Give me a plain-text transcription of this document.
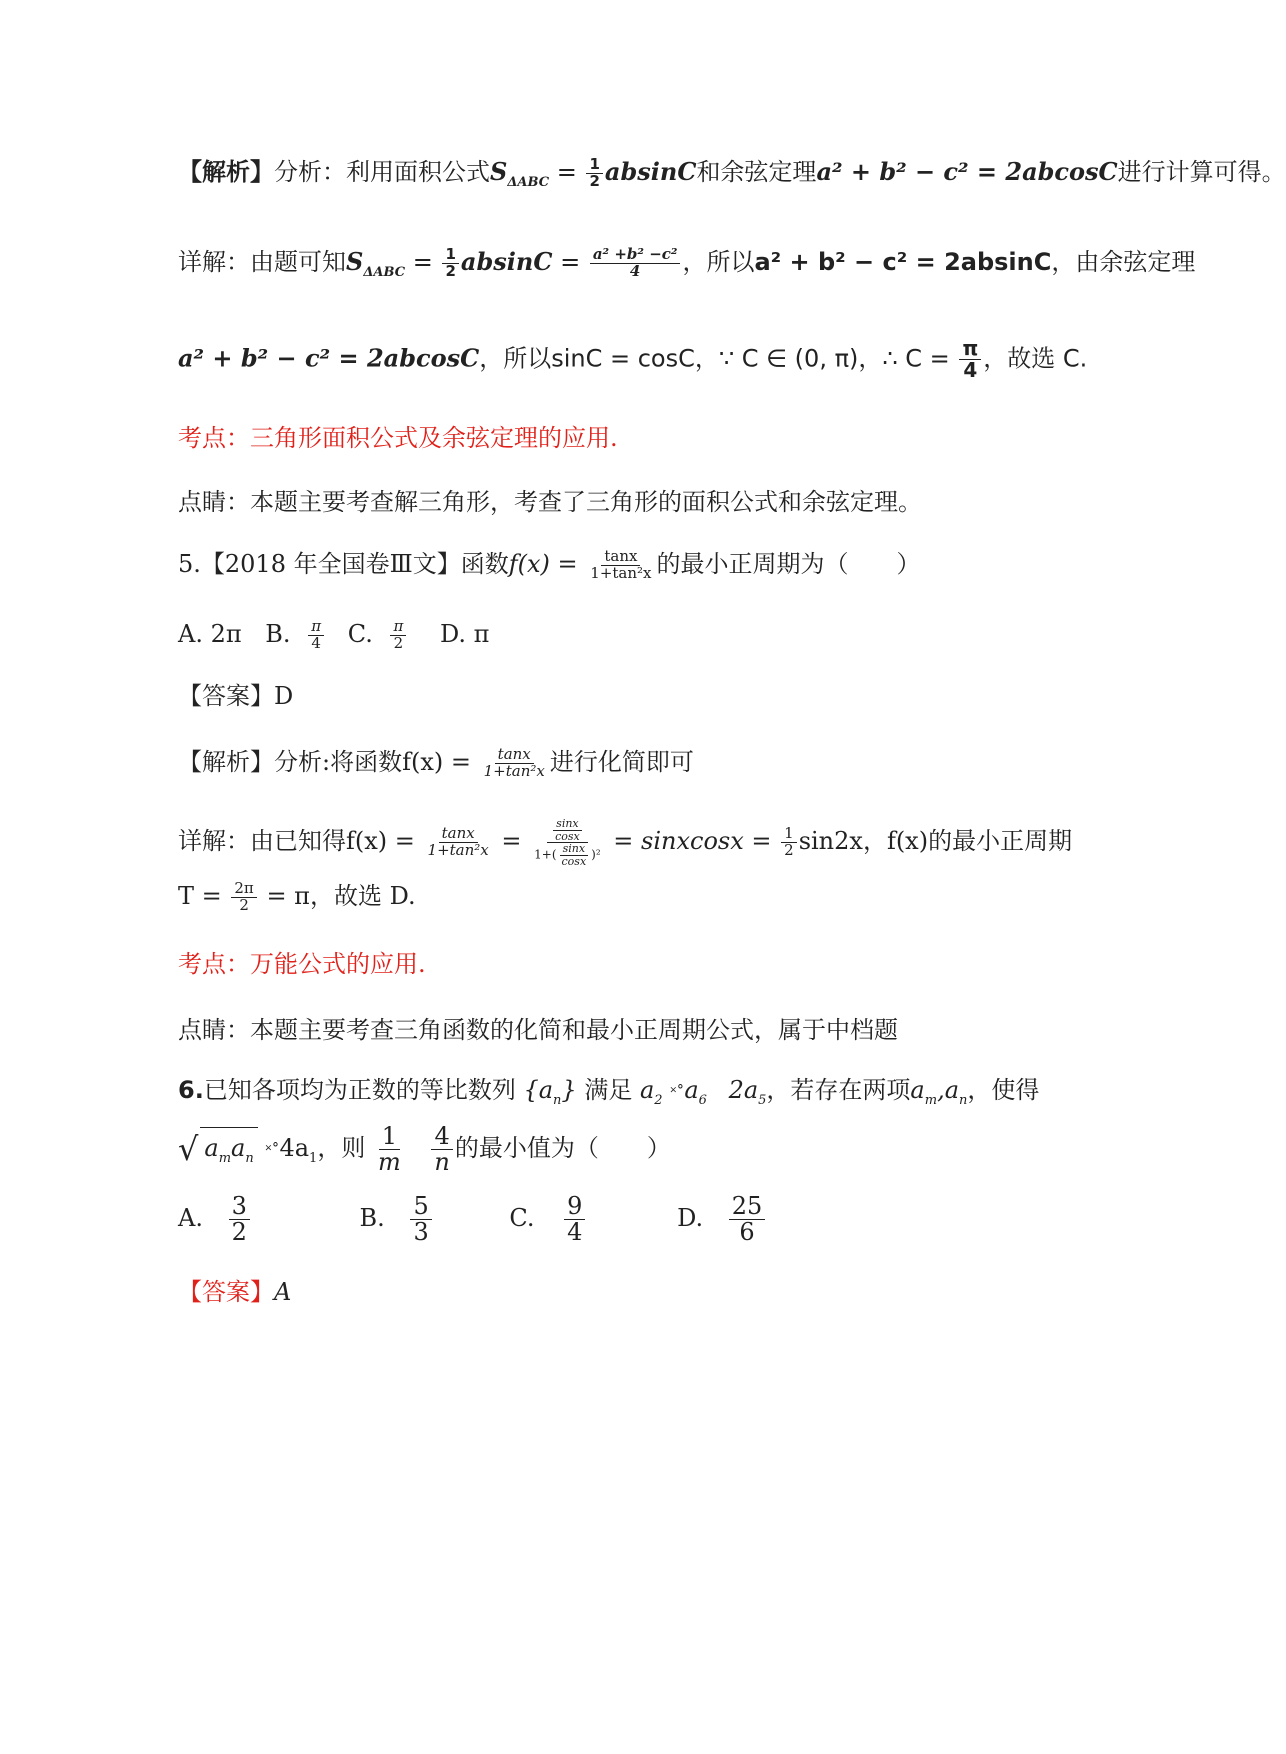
【解析】分析：利用面积公式$S_{\Delta ABC} = \frac{1}{2}$ absinC和余弦定理a² + b² − c² = 2abcosC进行计算可得。
详解：由题可知$S_{\Delta ABC} = \frac{1}{2}$ $absinC = \frac{\text{a² +b² −c²}}{4}$ ，所以a² + b² − c² = 2absinC，由余弦定理
a² + b² − c² = 2abcosC，所以sinC = cosC，∵ C ∈ (0, π)，∴ $C = \frac{\pi}{4}$ ，故选 C.
考点：三角形面积公式及余弦定理的应用.
点睛：本题主要考查解三角形，考查了三角形的面积公式和余弦定理。
5.【2018 年全国卷Ⅲ文】函数$f(x) = \frac{\tan x}{\text{1+tan²x}}$ 的最小正周期为（　　）
A. 2π B. $\frac{\pi}{4} C$. $\frac{\pi}{2} D$. π
【答案】D
【解析】分析:将函数$f(x) = \frac{\tan x}{\text{1+tan²x}}$ 进行化简即可
详解：由已知得$f(x) = \frac{\tan x}{\text{1+tan²x}} = \frac{\frac{\sin x}{\cos x}}{1+( \frac{\sin x}{\cos x} )^2}$ = sinxcosx = $\frac{1}{2} \sin 2x$，f(x)的最小正周期
$T = \frac{2\pi}{2} = \pi$，故选 D.
考点：万能公式的应用.
点睛：本题主要考查三角函数的化简和最小正周期公式，属于中档题
6.已知各项均为正数的等比数列 $\{a_n\}$ 满足 $a_2$ $˟˚a_6$ $2a_5$，若存在两项$a_m,a_n$，使得
√ $a_ma_n$ $˟˚4a_1$，则 $\frac{1}{m}$
$\frac{4}{n}$ 的最小值为（　　）
A. $\frac{3}{2}$	B. $\frac{5}{3}$	C. $\frac{9}{4}$	D. $\frac{25}{6}$
【答案】A
